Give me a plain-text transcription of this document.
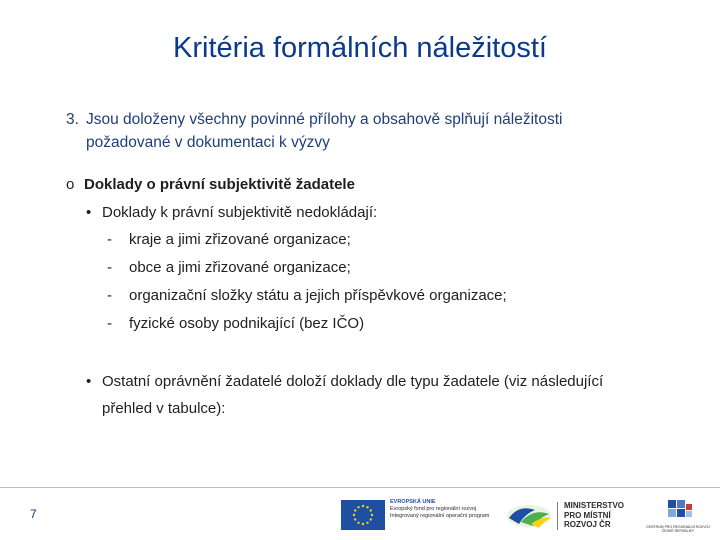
Kritéria formálních náležitostí
3. Jsou doloženy všechny povinné přílohy a obsahově splňují náležitosti
požadované v dokumentaci k výzvy
o Doklady o právní subjektivitě žadatele
• Doklady k právní subjektivitě nedokládají:
- kraje a jimi zřizované organizace;
- obce a jimi zřizované organizace;
- organizační složky státu a jejich příspěvkové organizace;
- fyzické osoby podnikající (bez IČO)
• Ostatní oprávnění žadatelé doloží doklady dle typu žadatele (viz následující
přehled v tabulce):
7
EVROPSKÁ UNIE
Evropský fond pro regionální rozvoj
Integrovaný regionální operační program
MINISTERSTVO
PRO MÍSTNÍ
ROZVOJ ČR	CENTRUM PRO REGIONÁLNÍ ROZVOJ
ČESKÉ REPUBLIKY
